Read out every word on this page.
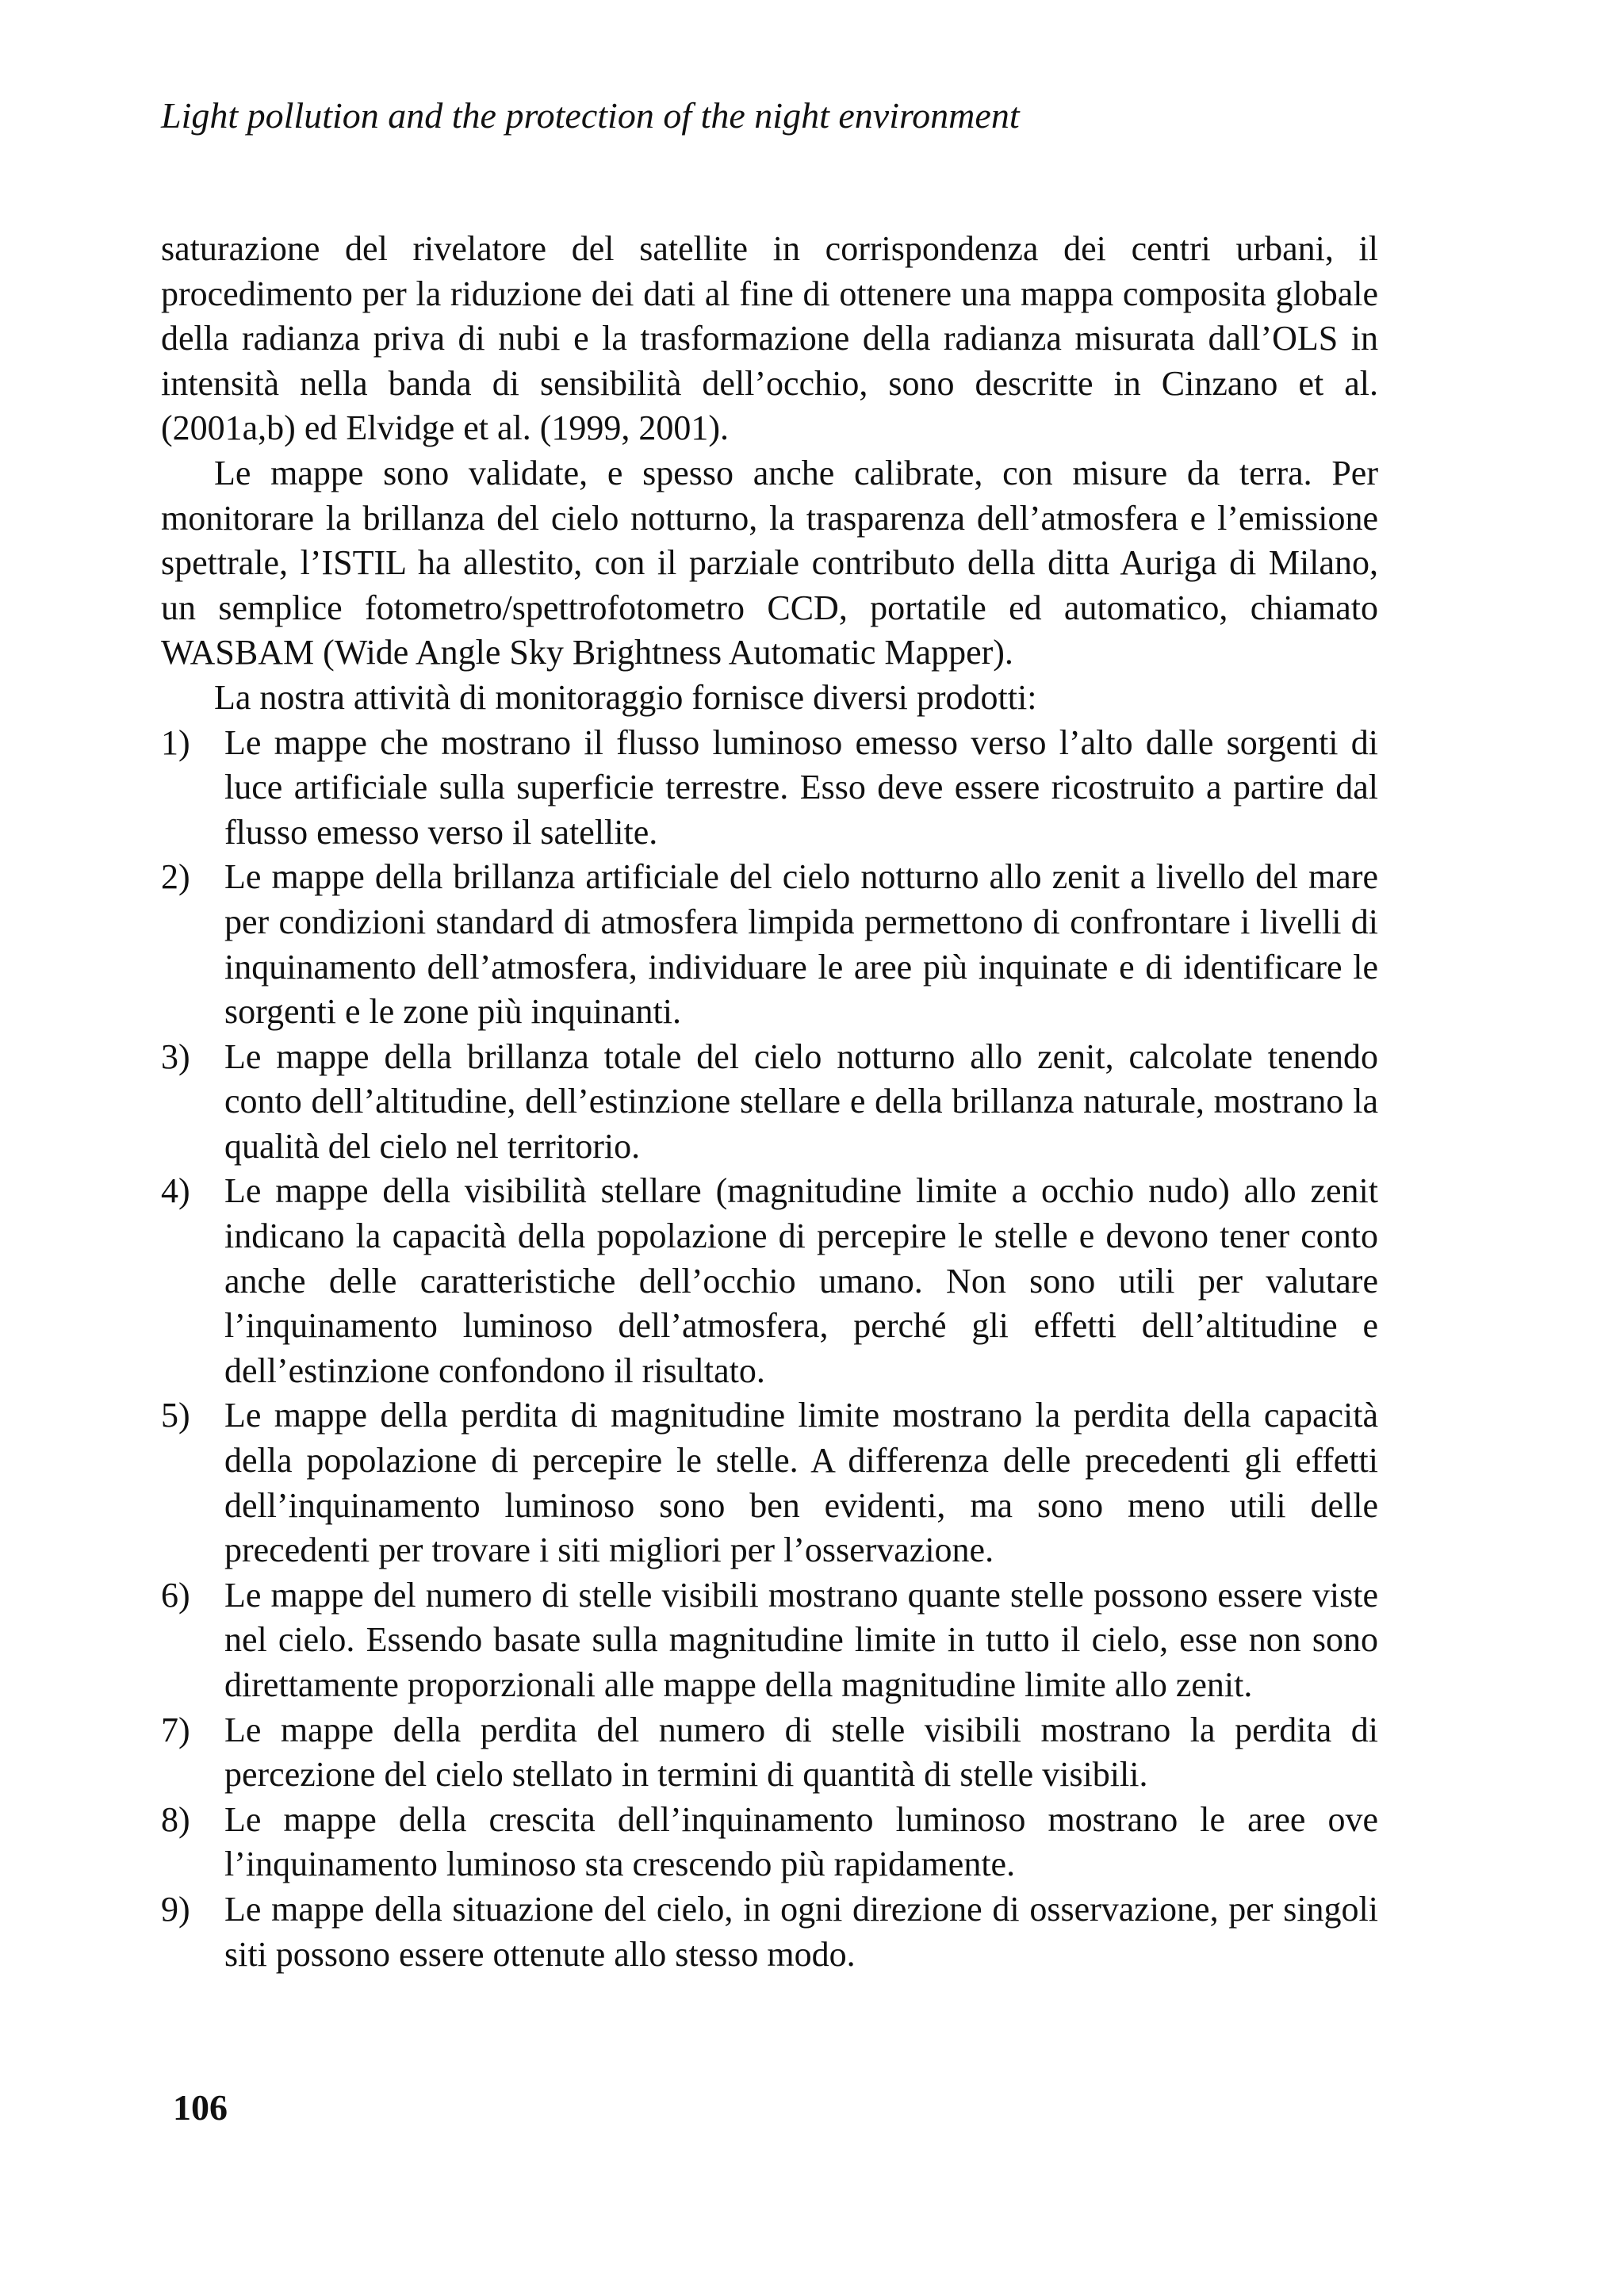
Light pollution and the protection of the night environment

saturazione del rivelatore del satellite in corrispondenza dei centri urbani, il procedimento per la riduzione dei dati al fine di ottenere una mappa composita globale della radianza priva di nubi e la trasformazione della radianza misurata dall’OLS in intensità nella banda di sensibilità dell’occhio, sono descritte in Cinzano et al. (2001a,b) ed Elvidge et al. (1999, 2001).

Le mappe sono validate, e spesso anche calibrate, con misure da terra. Per monitorare la brillanza del cielo notturno, la trasparenza dell’atmosfera e l’emissione spettrale, l’ISTIL ha allestito, con il parziale contributo della ditta Auriga di Milano, un semplice fotometro/spettrofotometro CCD, portatile ed automatico, chiamato WASBAM (Wide Angle Sky Brightness Automatic Mapper).

La nostra attività di monitoraggio fornisce diversi prodotti:

1) Le mappe che mostrano il flusso luminoso emesso verso l’alto dalle sorgenti di luce artificiale sulla superficie terrestre. Esso deve essere ricostruito a partire dal flusso emesso verso il satellite.
2) Le mappe della brillanza artificiale del cielo notturno allo zenit a livello del mare per condizioni standard di atmosfera limpida permettono di confrontare i livelli di inquinamento dell’atmosfera, individuare le aree più inquinate e di identificare le sorgenti e le zone più inquinanti.
3) Le mappe della brillanza totale del cielo notturno allo zenit, calcolate tenendo conto dell’altitudine, dell’estinzione stellare e della brillanza naturale, mostrano la qualità del cielo nel territorio.
4) Le mappe della visibilità stellare (magnitudine limite a occhio nudo) allo zenit indicano la capacità della popolazione di percepire le stelle e devono tener conto anche delle caratteristiche dell’occhio umano. Non sono utili per valutare l’inquinamento luminoso dell’atmosfera, perché gli effetti dell’altitudine e dell’estinzione confondono il risultato.
5) Le mappe della perdita di magnitudine limite mostrano la perdita della capacità della popolazione di percepire le stelle. A differenza delle precedenti gli effetti dell’inquinamento luminoso sono ben evidenti, ma sono meno utili delle precedenti per trovare i siti migliori per l’osservazione.
6) Le mappe del numero di stelle visibili mostrano quante stelle possono essere viste nel cielo. Essendo basate sulla magnitudine limite in tutto il cielo, esse non sono direttamente proporzionali alle mappe della magnitudine limite allo zenit.
7) Le mappe della perdita del numero di stelle visibili mostrano la perdita di percezione del cielo stellato in termini di quantità di stelle visibili.
8) Le mappe della crescita dell’inquinamento luminoso mostrano le aree ove l’inquinamento luminoso sta crescendo più rapidamente.
9) Le mappe della situazione del cielo, in ogni direzione di osservazione, per singoli siti possono essere ottenute allo stesso modo.
106
